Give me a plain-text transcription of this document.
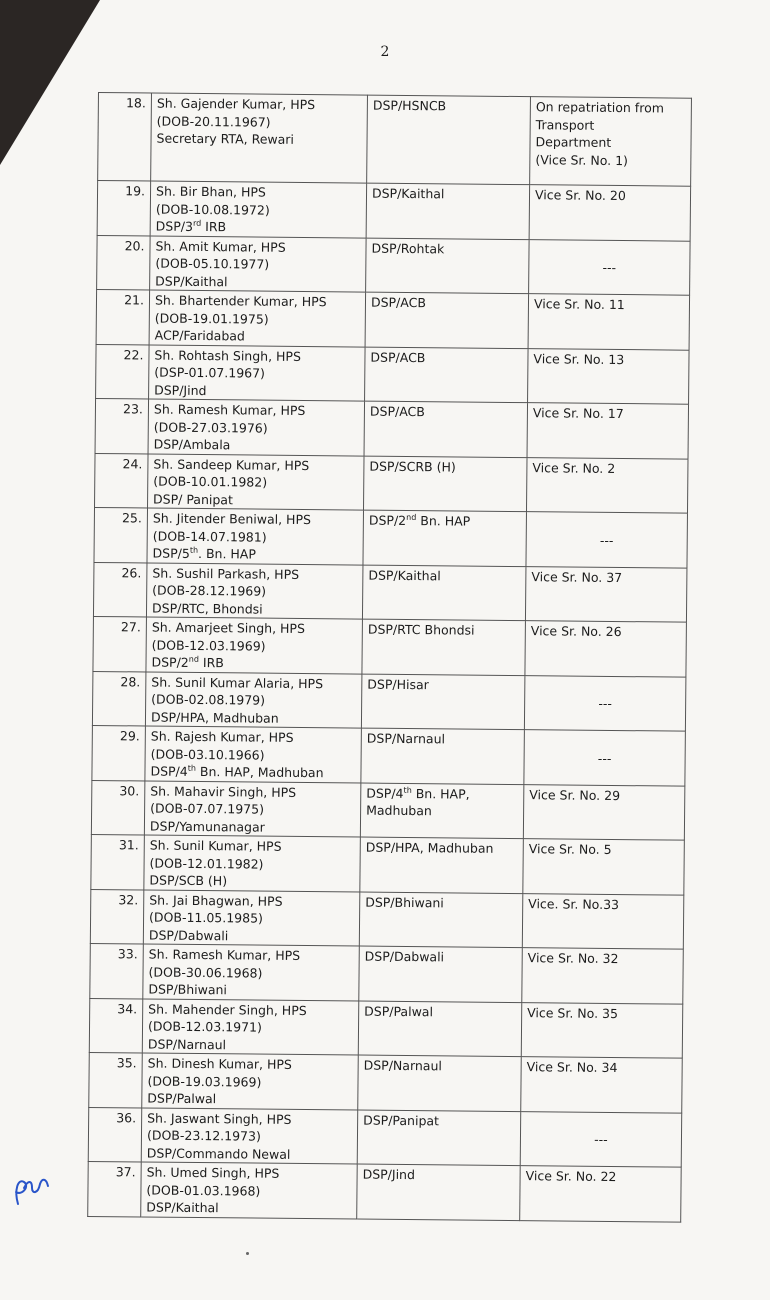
2
18.	Sh. Gajender Kumar, HPS
(DOB-20.11.1967)
Secretary RTA, Rewari	DSP/HSNCB	On repatriation from
Transport
Department
(Vice Sr. No. 1)

19.	Sh. Bir Bhan, HPS
(DOB-10.08.1972)
DSP/3rd IRB	DSP/Kaithal	Vice Sr. No. 20

20.	Sh. Amit Kumar, HPS
(DOB-05.10.1977)
DSP/Kaithal	DSP/Rohtak	---

21.	Sh. Bhartender Kumar, HPS
(DOB-19.01.1975)
ACP/Faridabad	DSP/ACB	Vice Sr. No. 11

22.	Sh. Rohtash Singh, HPS
(DSP-01.07.1967)
DSP/Jind	DSP/ACB	Vice Sr. No. 13

23.	Sh. Ramesh Kumar, HPS
(DOB-27.03.1976)
DSP/Ambala	DSP/ACB	Vice Sr. No. 17

24.	Sh. Sandeep Kumar, HPS
(DOB-10.01.1982)
DSP/ Panipat	DSP/SCRB (H)	Vice Sr. No. 2

25.	Sh. Jitender Beniwal, HPS
(DOB-14.07.1981)
DSP/5th. Bn. HAP	DSP/2nd Bn. HAP	---

26.	Sh. Sushil Parkash, HPS
(DOB-28.12.1969)
DSP/RTC, Bhondsi	DSP/Kaithal	Vice Sr. No. 37

27.	Sh. Amarjeet Singh, HPS
(DOB-12.03.1969)
DSP/2nd IRB	DSP/RTC Bhondsi	Vice Sr. No. 26

28.	Sh. Sunil Kumar Alaria, HPS
(DOB-02.08.1979)
DSP/HPA, Madhuban	DSP/Hisar	---

29.	Sh. Rajesh Kumar, HPS
(DOB-03.10.1966)
DSP/4th Bn. HAP, Madhuban	DSP/Narnaul	---

30.	Sh. Mahavir Singh, HPS
(DOB-07.07.1975)
DSP/Yamunanagar	DSP/4th Bn. HAP,
Madhuban	Vice Sr. No. 29

31.	Sh. Sunil Kumar, HPS
(DOB-12.01.1982)
DSP/SCB (H)	DSP/HPA, Madhuban	Vice Sr. No. 5

32.	Sh. Jai Bhagwan, HPS
(DOB-11.05.1985)
DSP/Dabwali	DSP/Bhiwani	Vice. Sr. No.33

33.	Sh. Ramesh Kumar, HPS
(DOB-30.06.1968)
DSP/Bhiwani	DSP/Dabwali	Vice Sr. No. 32

34.	Sh. Mahender Singh, HPS
(DOB-12.03.1971)
DSP/Narnaul	DSP/Palwal	Vice Sr. No. 35

35.	Sh. Dinesh Kumar, HPS
(DOB-19.03.1969)
DSP/Palwal	DSP/Narnaul	Vice Sr. No. 34

36.	Sh. Jaswant Singh, HPS
(DOB-23.12.1973)
DSP/Commando Newal	DSP/Panipat	---

37.	Sh. Umed Singh, HPS
(DOB-01.03.1968)
DSP/Kaithal	DSP/Jind	Vice Sr. No. 22
